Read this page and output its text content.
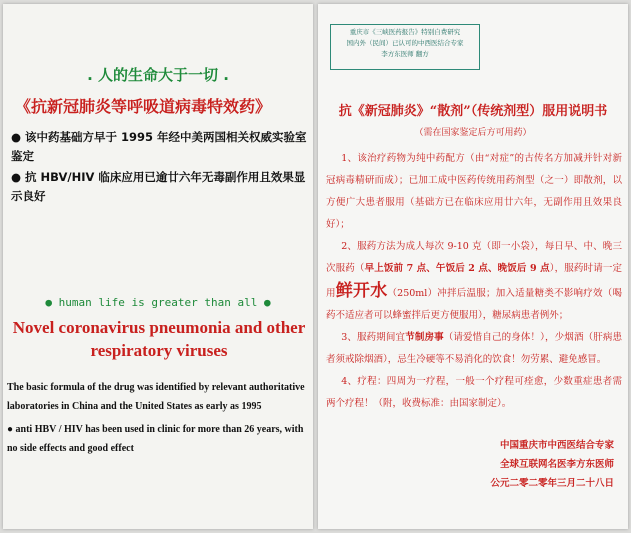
. 人的生命大于一切 .
《抗新冠肺炎等呼吸道病毒特效药》

● 该中药基础方早于 1995 年经中美两国相关权威实验室鉴定

● 抗 HBV/HIV 临床应用已逾廿六年无毒副作用且效果显示良好

● human life is greater than all ●
Novel coronavirus pneumonia and other respiratory viruses

The basic formula of the drug was identified by relevant authoritative laboratories in China and the United States as early as 1995

● anti HBV / HIV has been used in clinic for more than 26 years, with no side effects and good effect

重庆市《三峡医药报告》特别自费研究
国内外（民间）已认可的中西医结合专家
李方东医师 翻方
抗《新冠肺炎》“散剂”（传统剂型）服用说明书
（需在国家鉴定后方可用药）

1、该治疗药物为纯中药配方（由“对症”的古传名方加减并针对新冠病毒精研而成）；已加工成中医药传统用药剂型（之一）即散剂，以方便广大患者服用（基础方已在临床应用廿六年，无副作用且效果良好）；

2、服药方法为成人每次 9-10 克（即一小袋），每日早、中、晚三次服药（早上饭前 7 点、午饭后 2 点、晚饭后 9 点），服药时请一定用鲜开水（250ml）冲拌后温服；加入适量糖类不影响疗效（喝药不适应者可以蜂蜜拌后更方便服用），糖尿病患者例外；

3、服药期间宜节制房事（请爱惜自己的身体！），少烟酒（肝病患者须戒除烟酒），忌生冷硬等不易消化的饮食！勿劳累、避免感冒。

4、疗程：四周为一疗程，一般一个疗程可痊愈，少数重症患者需两个疗程！（附，收费标准：由国家制定）。

中国重庆市中西医结合专家
全球互联网名医李方东医师
公元二零二零年三月二十八日
